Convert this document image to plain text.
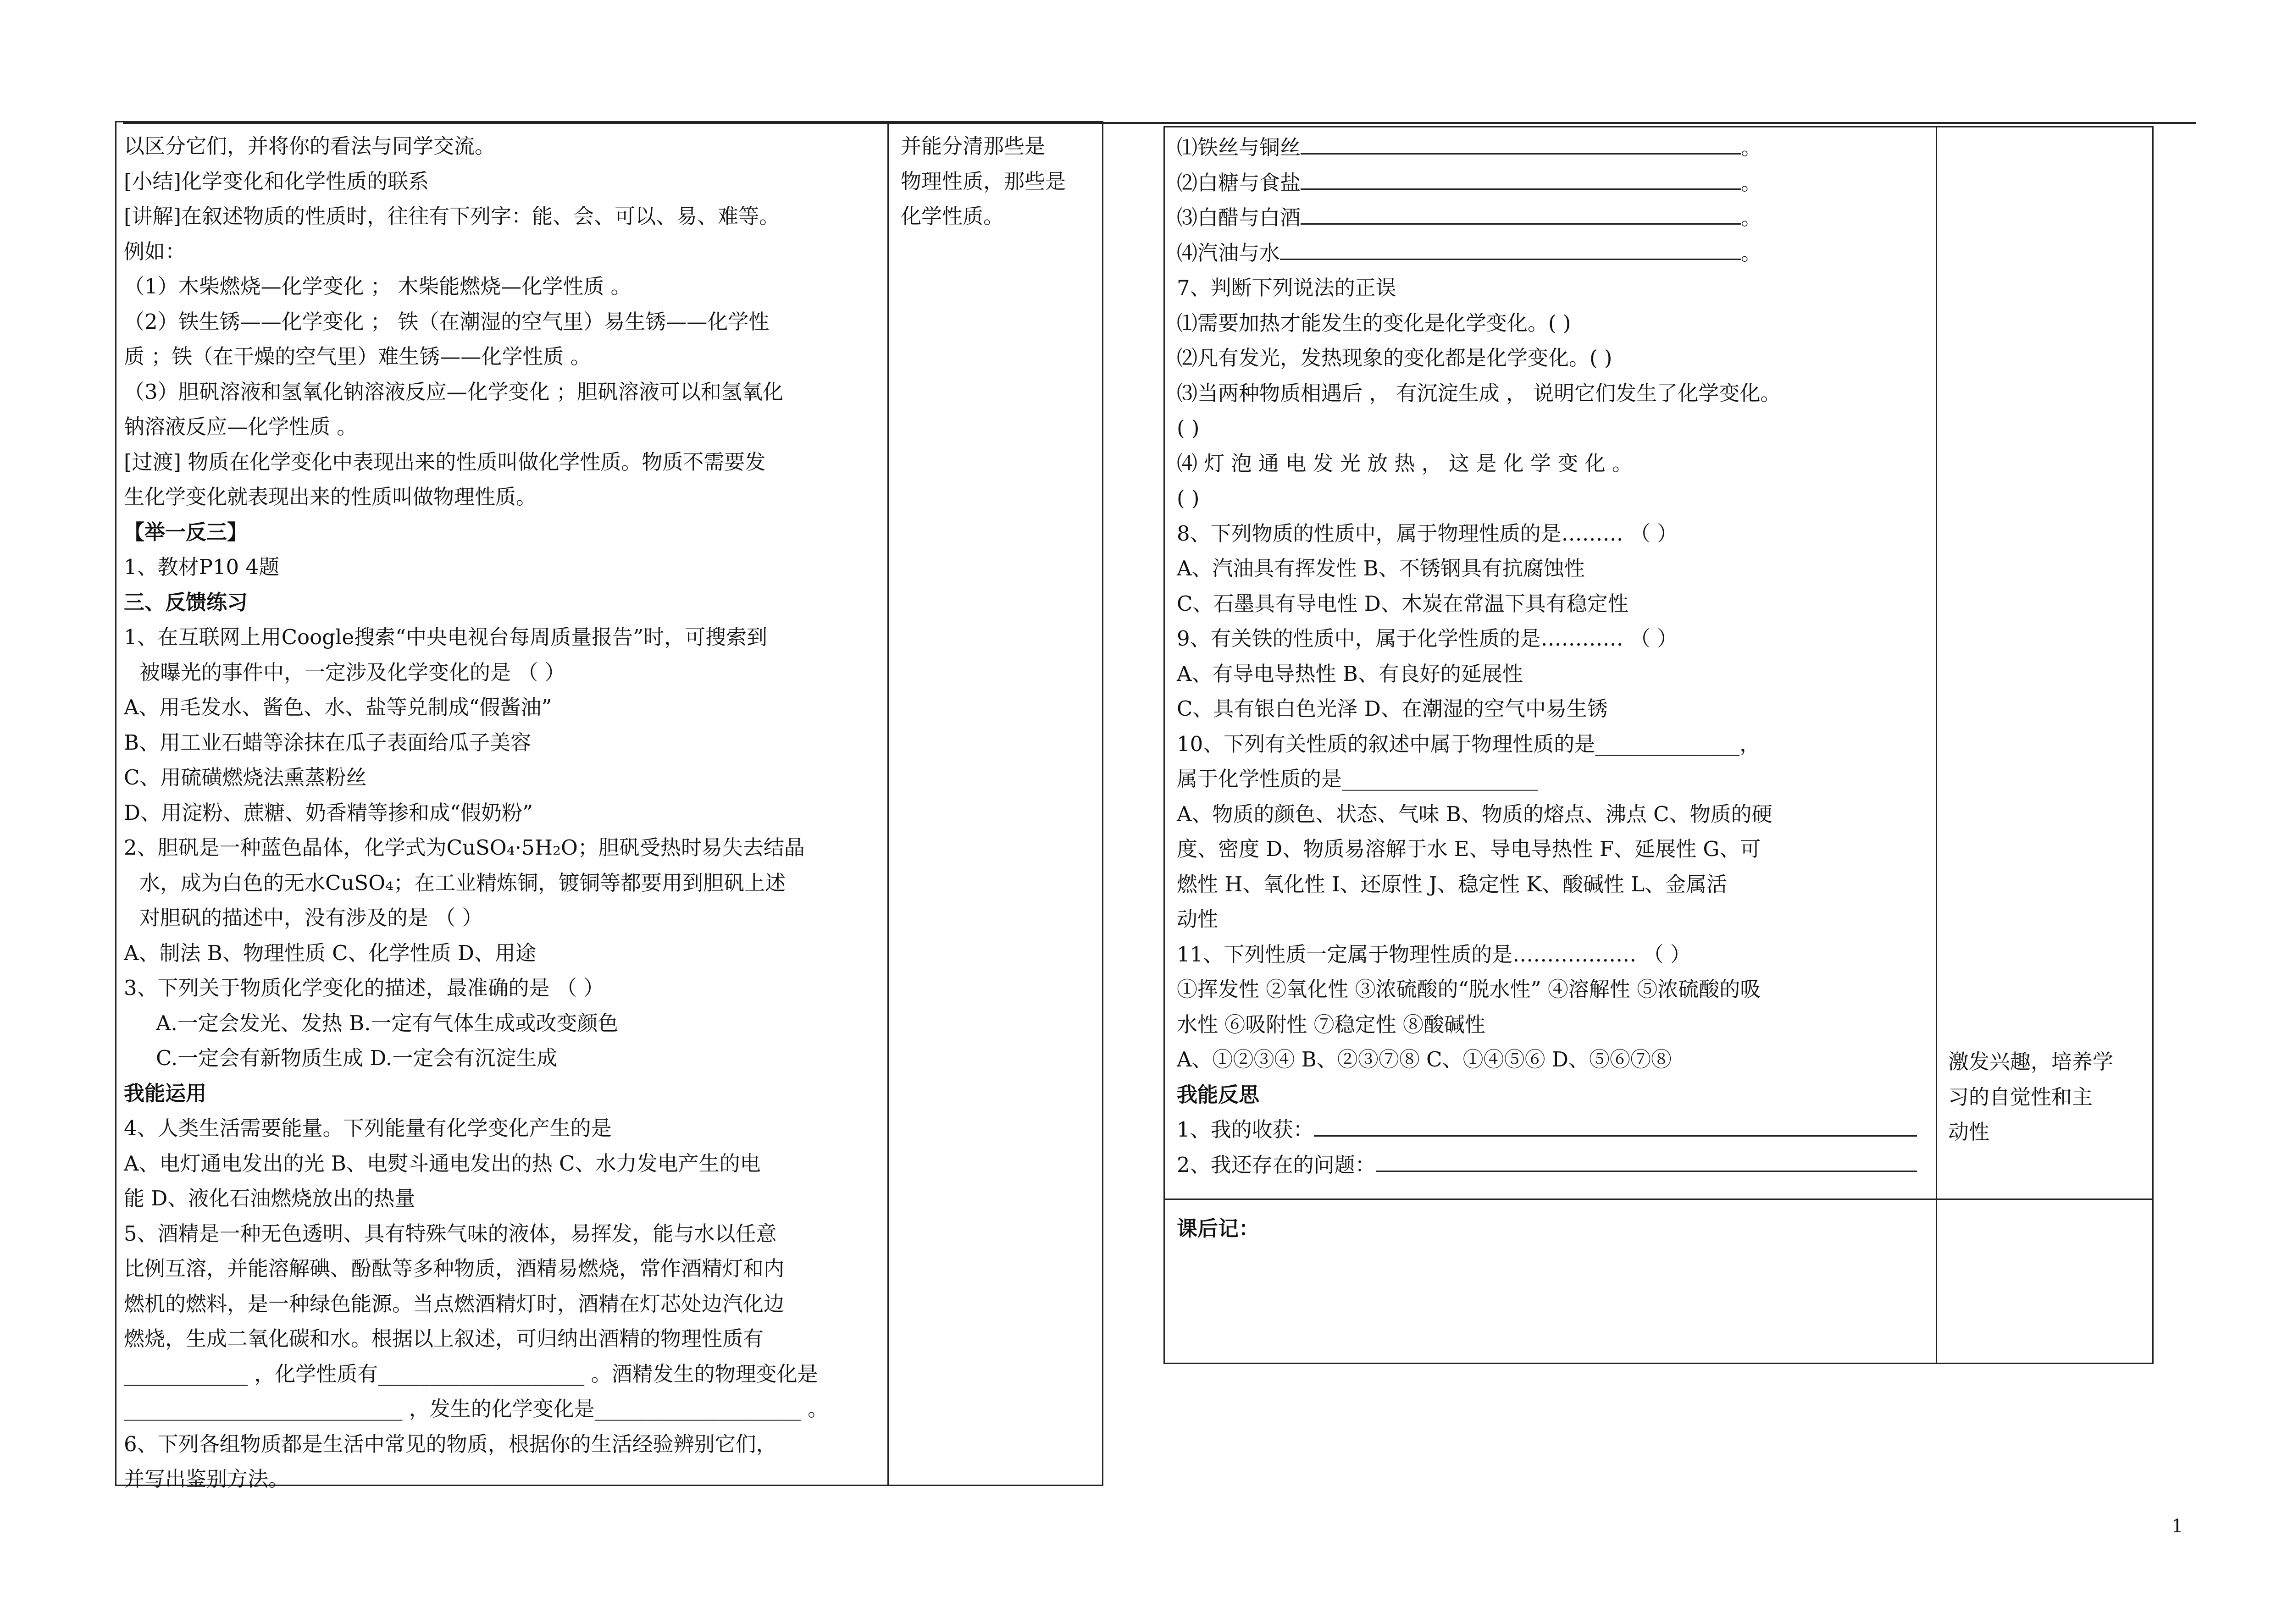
以区分它们，并将你的看法与同学交流。
[小结]化学变化和化学性质的联系
[讲解]在叙述物质的性质时，往往有下列字：能、会、可以、易、难等。
例如：
（1）木柴燃烧—化学变化 ； 木柴能燃烧—化学性质 。
（2）铁生锈——化学变化 ； 铁（在潮湿的空气里）易生锈——化学性
质 ；铁（在干燥的空气里）难生锈——化学性质 。
（3）胆矾溶液和氢氧化钠溶液反应—化学变化 ；胆矾溶液可以和氢氧化
钠溶液反应—化学性质 。
[过渡] 物质在化学变化中表现出来的性质叫做化学性质。物质不需要发
生化学变化就表现出来的性质叫做物理性质。
【举一反三】
1、教材P10 4题
三、反馈练习
1、在互联网上用Coogle搜索“中央电视台每周质量报告”时，可搜索到
被曝光的事件中，一定涉及化学变化的是 （ ）
A、用毛发水、酱色、水、盐等兑制成“假酱油”
B、用工业石蜡等涂抹在瓜子表面给瓜子美容
C、用硫磺燃烧法熏蒸粉丝
D、用淀粉、蔗糖、奶香精等掺和成“假奶粉”
2、胆矾是一种蓝色晶体，化学式为CuSO₄·5H₂O；胆矾受热时易失去结晶
水，成为白色的无水CuSO₄；在工业精炼铜，镀铜等都要用到胆矾上述
对胆矾的描述中，没有涉及的是 （ ）
A、制法 B、物理性质 C、化学性质 D、用途
3、下列关于物质化学变化的描述，最准确的是 （ ）
A.一定会发光、发热 B.一定有气体生成或改变颜色
C.一定会有新物质生成 D.一定会有沉淀生成
我能运用
4、人类生活需要能量。下列能量有化学变化产生的是
A、电灯通电发出的光 B、电熨斗通电发出的热 C、水力发电产生的电
能 D、液化石油燃烧放出的热量
5、酒精是一种无色透明、具有特殊气味的液体，易挥发，能与水以任意
比例互溶，并能溶解碘、酚酞等多种物质，酒精易燃烧，常作酒精灯和内
燃机的燃料，是一种绿色能源。当点燃酒精灯时，酒精在灯芯处边汽化边
燃烧，生成二氧化碳和水。根据以上叙述，可归纳出酒精的物理性质有
____________ ，化学性质有____________________ 。酒精发生的物理变化是
___________________________ ，发生的化学变化是____________________ 。
6、下列各组物质都是生活中常见的物质，根据你的生活经验辨别它们，
并写出鉴别方法。
并能分清那些是
物理性质，那些是
化学性质。
⑴铁丝与铜丝	。
⑵白糖与食盐	。
⑶白醋与白酒	。
⑷汽油与水	。
7、判断下列说法的正误
⑴需要加热才能发生的变化是化学变化。( )
⑵凡有发光，发热现象的变化都是化学变化。( )
⑶当两种物质相遇后 ， 有沉淀生成 ， 说明它们发生了化学变化。
( )
⑷ 灯 泡 通 电 发 光 放 热 ， 这 是 化 学 变 化 。
( )
8、下列物质的性质中，属于物理性质的是……… （ ）
A、汽油具有挥发性 B、不锈钢具有抗腐蚀性
C、石墨具有导电性 D、木炭在常温下具有稳定性
9、有关铁的性质中，属于化学性质的是………… （ ）
A、有导电导热性 B、有良好的延展性
C、具有银白色光泽 D、在潮湿的空气中易生锈
10、下列有关性质的叙述中属于物理性质的是______________，
属于化学性质的是___________________
A、物质的颜色、状态、气味 B、物质的熔点、沸点 C、物质的硬
度、密度 D、物质易溶解于水 E、导电导热性 F、延展性 G、可
燃性 H、氧化性 I、还原性 J、稳定性 K、酸碱性 L、金属活
动性
11、下列性质一定属于物理性质的是……………… （ ）
①挥发性 ②氧化性 ③浓硫酸的“脱水性” ④溶解性 ⑤浓硫酸的吸
水性 ⑥吸附性 ⑦稳定性 ⑧酸碱性
A、①②③④ B、②③⑦⑧ C、①④⑤⑥ D、⑤⑥⑦⑧
我能反思
1、我的收获：
2、我还存在的问题：
激发兴趣，培养学
习的自觉性和主
动性
课后记：
1
